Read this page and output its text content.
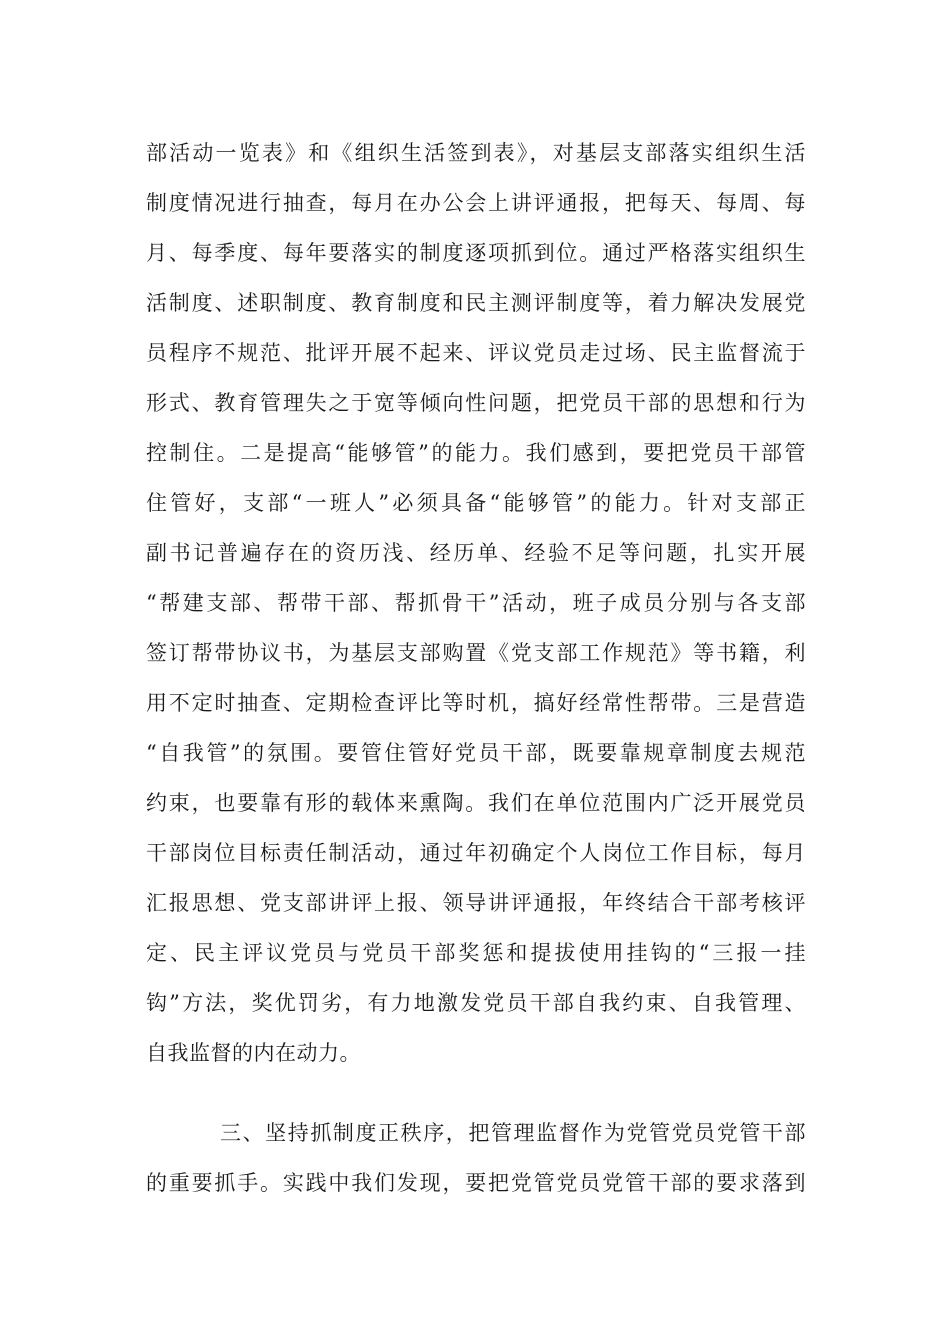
部活动一览表》和《组织生活签到表》，对基层支部落实组织生活
制度情况进行抽查，每月在办公会上讲评通报，把每天、每周、每
月、每季度、每年要落实的制度逐项抓到位。通过严格落实组织生
活制度、述职制度、教育制度和民主测评制度等，着力解决发展党
员程序不规范、批评开展不起来、评议党员走过场、民主监督流于
形式、教育管理失之于宽等倾向性问题，把党员干部的思想和行为
控制住。二是提高“能够管”的能力。我们感到，要把党员干部管
住管好，支部“一班人”必须具备“能够管”的能力。针对支部正
副书记普遍存在的资历浅、经历单、经验不足等问题，扎实开展
“帮建支部、帮带干部、帮抓骨干”活动，班子成员分别与各支部
签订帮带协议书，为基层支部购置《党支部工作规范》等书籍，利
用不定时抽查、定期检查评比等时机，搞好经常性帮带。三是营造
“自我管”的氛围。要管住管好党员干部，既要靠规章制度去规范
约束，也要靠有形的载体来熏陶。我们在单位范围内广泛开展党员
干部岗位目标责任制活动，通过年初确定个人岗位工作目标，每月
汇报思想、党支部讲评上报、领导讲评通报，年终结合干部考核评
定、民主评议党员与党员干部奖惩和提拔使用挂钩的“三报一挂
钩”方法，奖优罚劣，有力地激发党员干部自我约束、自我管理、
自我监督的内在动力。
三、坚持抓制度正秩序，把管理监督作为党管党员党管干部
的重要抓手。实践中我们发现，要把党管党员党管干部的要求落到
